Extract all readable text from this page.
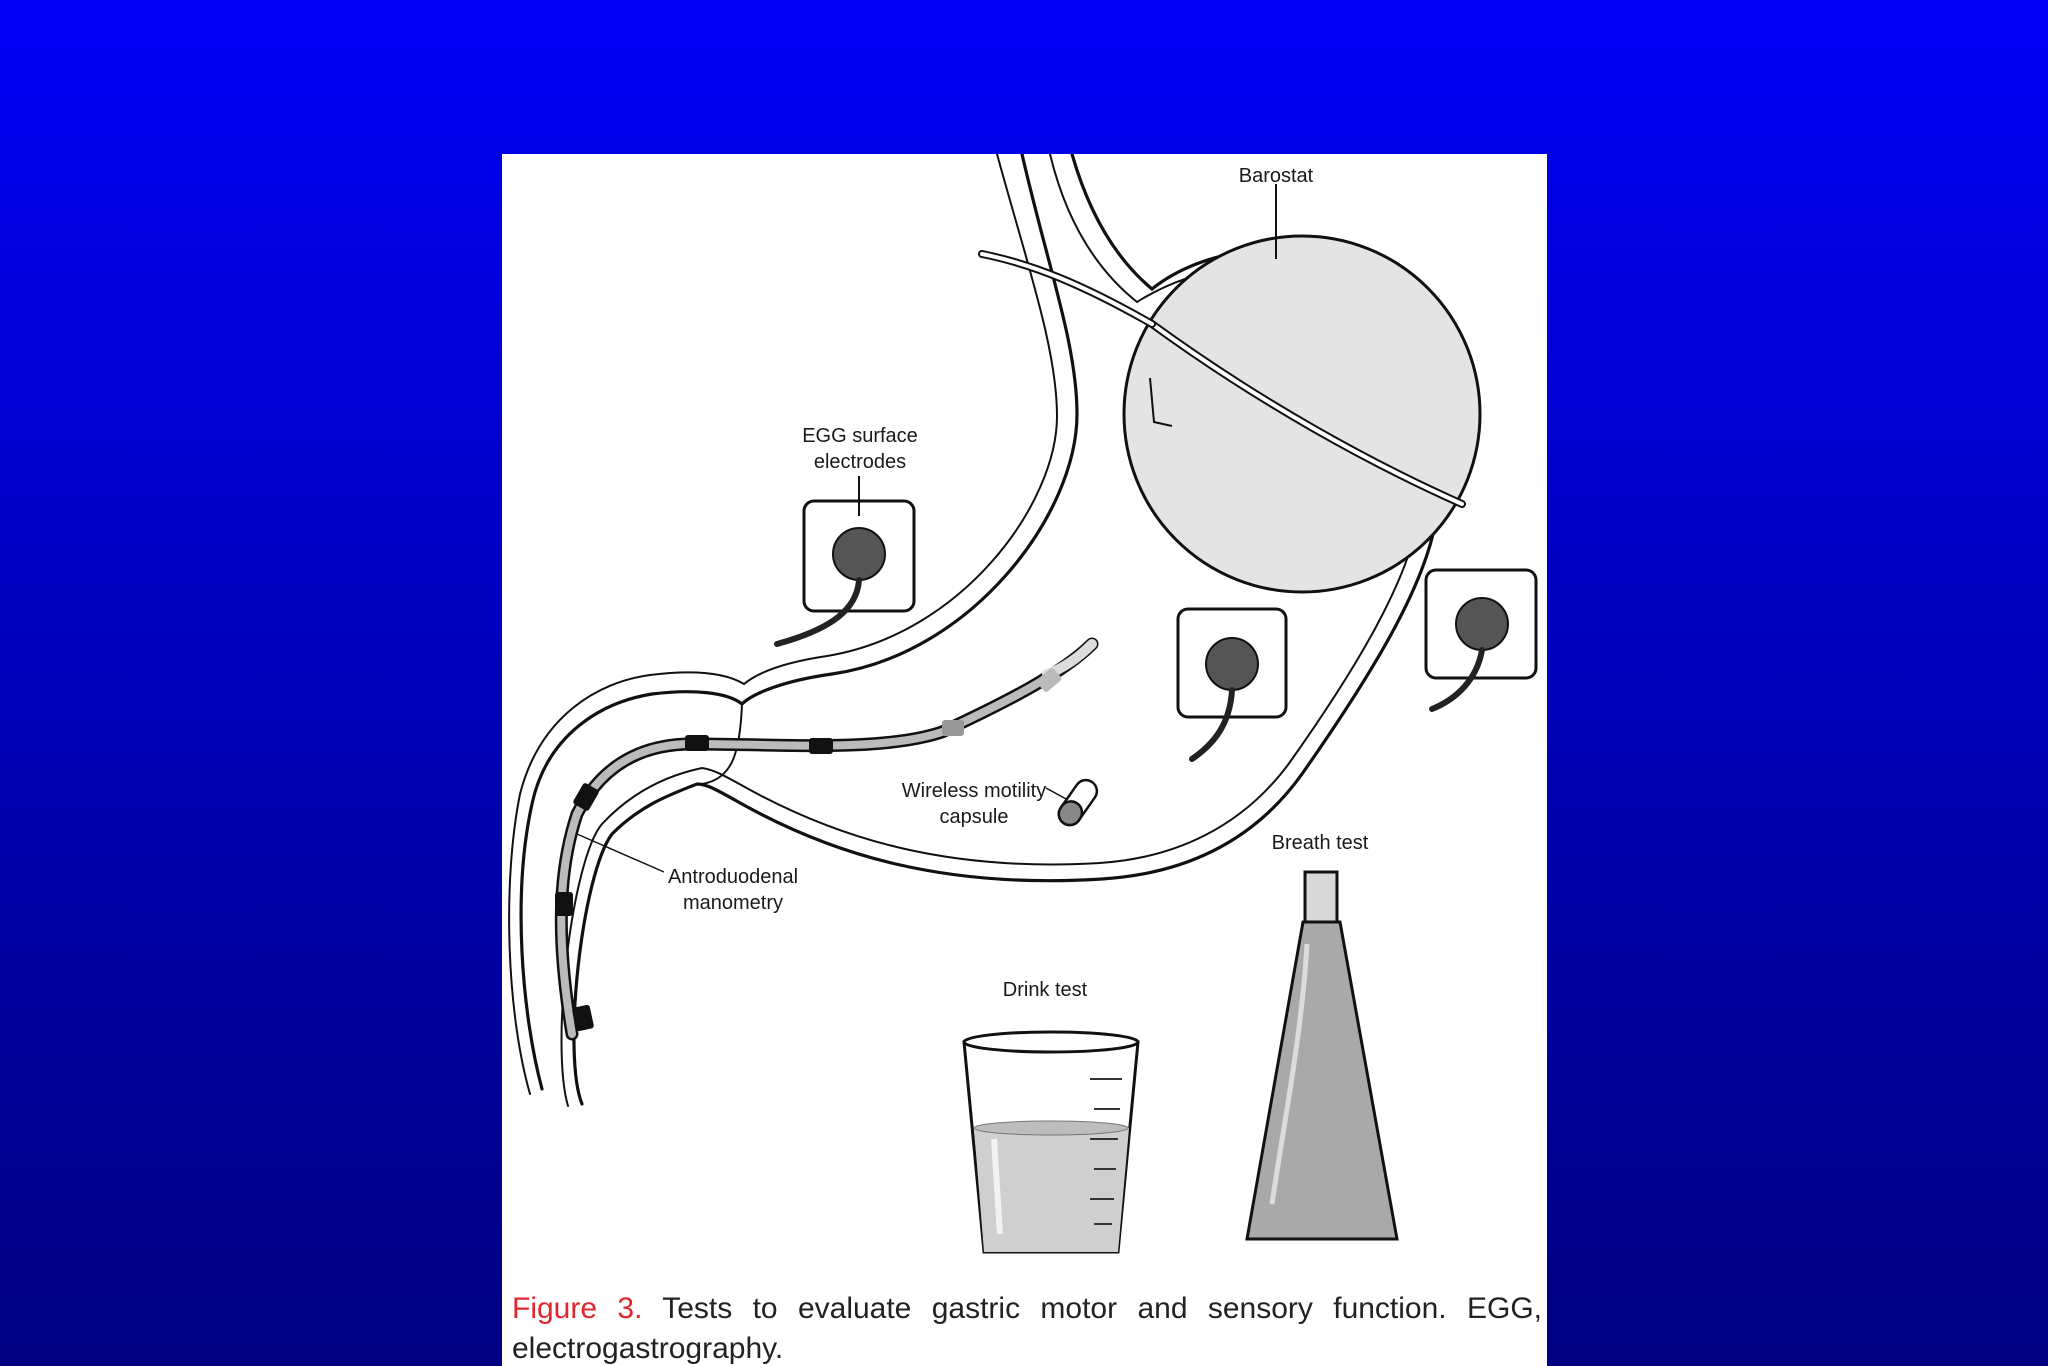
Barostat
EGG surface
electrodes
Wireless motility
capsule
Antroduodenal
manometry
Breath test
Drink test
Figure 3. Tests to evaluate gastric motor and sensory function. EGG, electrogastrography.
